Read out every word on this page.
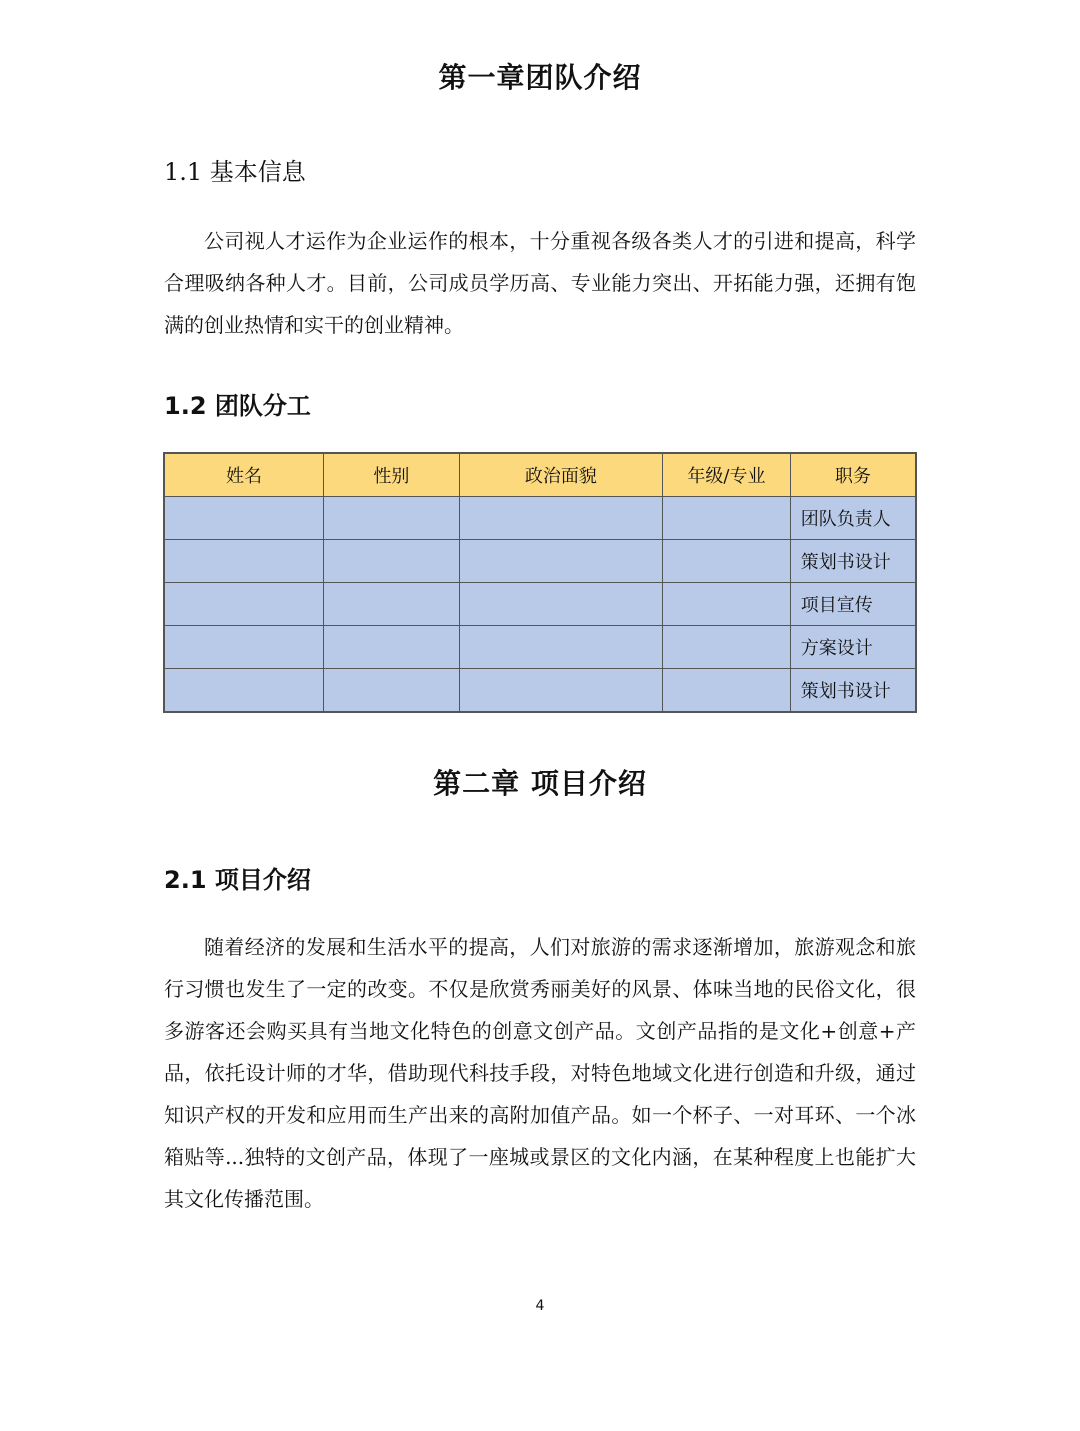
第一章团队介绍
1.1 基本信息

公司视人才运作为企业运作的根本，十分重视各级各类人才的引进和提高，科学合理吸纳各种人才。目前，公司成员学历高、专业能力突出、开拓能力强，还拥有饱满的创业热情和实干的创业精神。

1.2 团队分工
姓名	性别	政治面貌	年级/专业	职务
				团队负责人
				策划书设计
				项目宣传
				方案设计
				策划书设计
第二章 项目介绍
2.1 项目介绍

随着经济的发展和生活水平的提高，人们对旅游的需求逐渐增加，旅游观念和旅行习惯也发生了一定的改变。不仅是欣赏秀丽美好的风景、体味当地的民俗文化，很多游客还会购买具有当地文化特色的创意文创产品。文创产品指的是文化+创意+产品，依托设计师的才华，借助现代科技手段，对特色地域文化进行创造和升级，通过知识产权的开发和应用而生产出来的高附加值产品。如一个杯子、一对耳环、一个冰箱贴等...独特的文创产品，体现了一座城或景区的文化内涵，在某种程度上也能扩大其文化传播范围。

4
